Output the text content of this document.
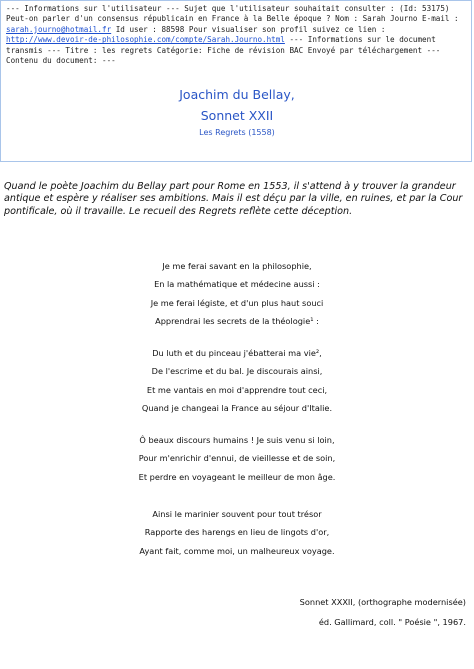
--- Informations sur l'utilisateur --- Sujet que l'utilisateur souhaitait consulter : (Id: 53175) Peut-on parler d'un consensus républicain en France à la Belle époque ? Nom : Sarah Journo E-mail : sarah.journo@hotmail.fr Id user : 88598 Pour visualiser son profil suivez ce lien : http://www.devoir-de-philosophie.com/compte/Sarah.Journo.html --- Informations sur le document transmis --- Titre : les regrets Catégorie: Fiche de révision BAC Envoyé par téléchargement --- Contenu du document: ---
Joachim du Bellay,
Sonnet XXII
Les Regrets (1558)
Quand le poète Joachim du Bellay part pour Rome en 1553, il s'attend à y trouver la grandeur antique et espère y réaliser ses ambitions. Mais il est déçu par la ville, en ruines, et par la Cour pontificale, où il travaille. Le recueil des Regrets reflète cette déception.
Je me ferai savant en la philosophie,
En la mathématique et médecine aussi :
Je me ferai légiste, et d'un plus haut souci
Apprendrai les secrets de la théologie¹ :
Du luth et du pinceau j'ébatterai ma vie²,
De l'escrime et du bal. Je discourais ainsi,
Et me vantais en moi d'apprendre tout ceci,
Quand je changeai la France au séjour d'Italie.
Ô beaux discours humains ! Je suis venu si loin,
Pour m'enrichir d'ennui, de vieillesse et de soin,
Et perdre en voyageant le meilleur de mon âge.
Ainsi le marinier souvent pour tout trésor
Rapporte des harengs en lieu de lingots d'or,
Ayant fait, comme moi, un malheureux voyage.
Sonnet XXXII, (orthographe modernisée)
éd. Gallimard, coll. " Poésie ", 1967.
